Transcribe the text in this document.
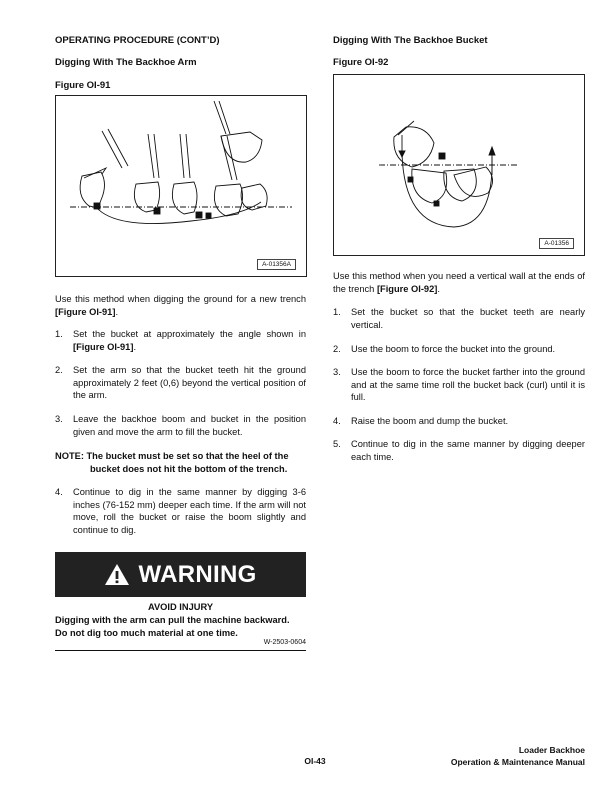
OPERATING PROCEDURE (CONT’D)
Digging With The Backhoe Arm
Figure OI-91
A-01356A
Use this method when digging the ground for a new trench [Figure OI-91].
1. Set the bucket at approximately the angle shown in [Figure OI-91].
2. Set the arm so that the bucket teeth hit the ground approximately 2 feet (0,6) beyond the vertical position of the arm.
3. Leave the backhoe boom and bucket in the position given and move the arm to fill the bucket.
NOTE: The bucket must be set so that the heel of the
bucket does not hit the bottom of the trench.
4. Continue to dig in the same manner by digging 3-6 inches (76-152 mm) deeper each time. If the arm will not move, roll the bucket or raise the boom slightly and continue to dig.
WARNING
AVOID INJURY
Digging with the arm can pull the machine backward.
Do not dig too much material at one time.
W-2503-0604
Digging With The Backhoe Bucket
Figure OI-92
A-01356
Use this method when you need a vertical wall at the ends of the trench [Figure OI-92].
1. Set the bucket so that the bucket teeth are nearly vertical.
2. Use the boom to force the bucket into the ground.
3. Use the boom to force the bucket farther into the ground and at the same time roll the bucket back (curl) until it is full.
4. Raise the boom and dump the bucket.
5. Continue to dig in the same manner by digging deeper each time.
OI-43
Loader Backhoe
Operation & Maintenance Manual
